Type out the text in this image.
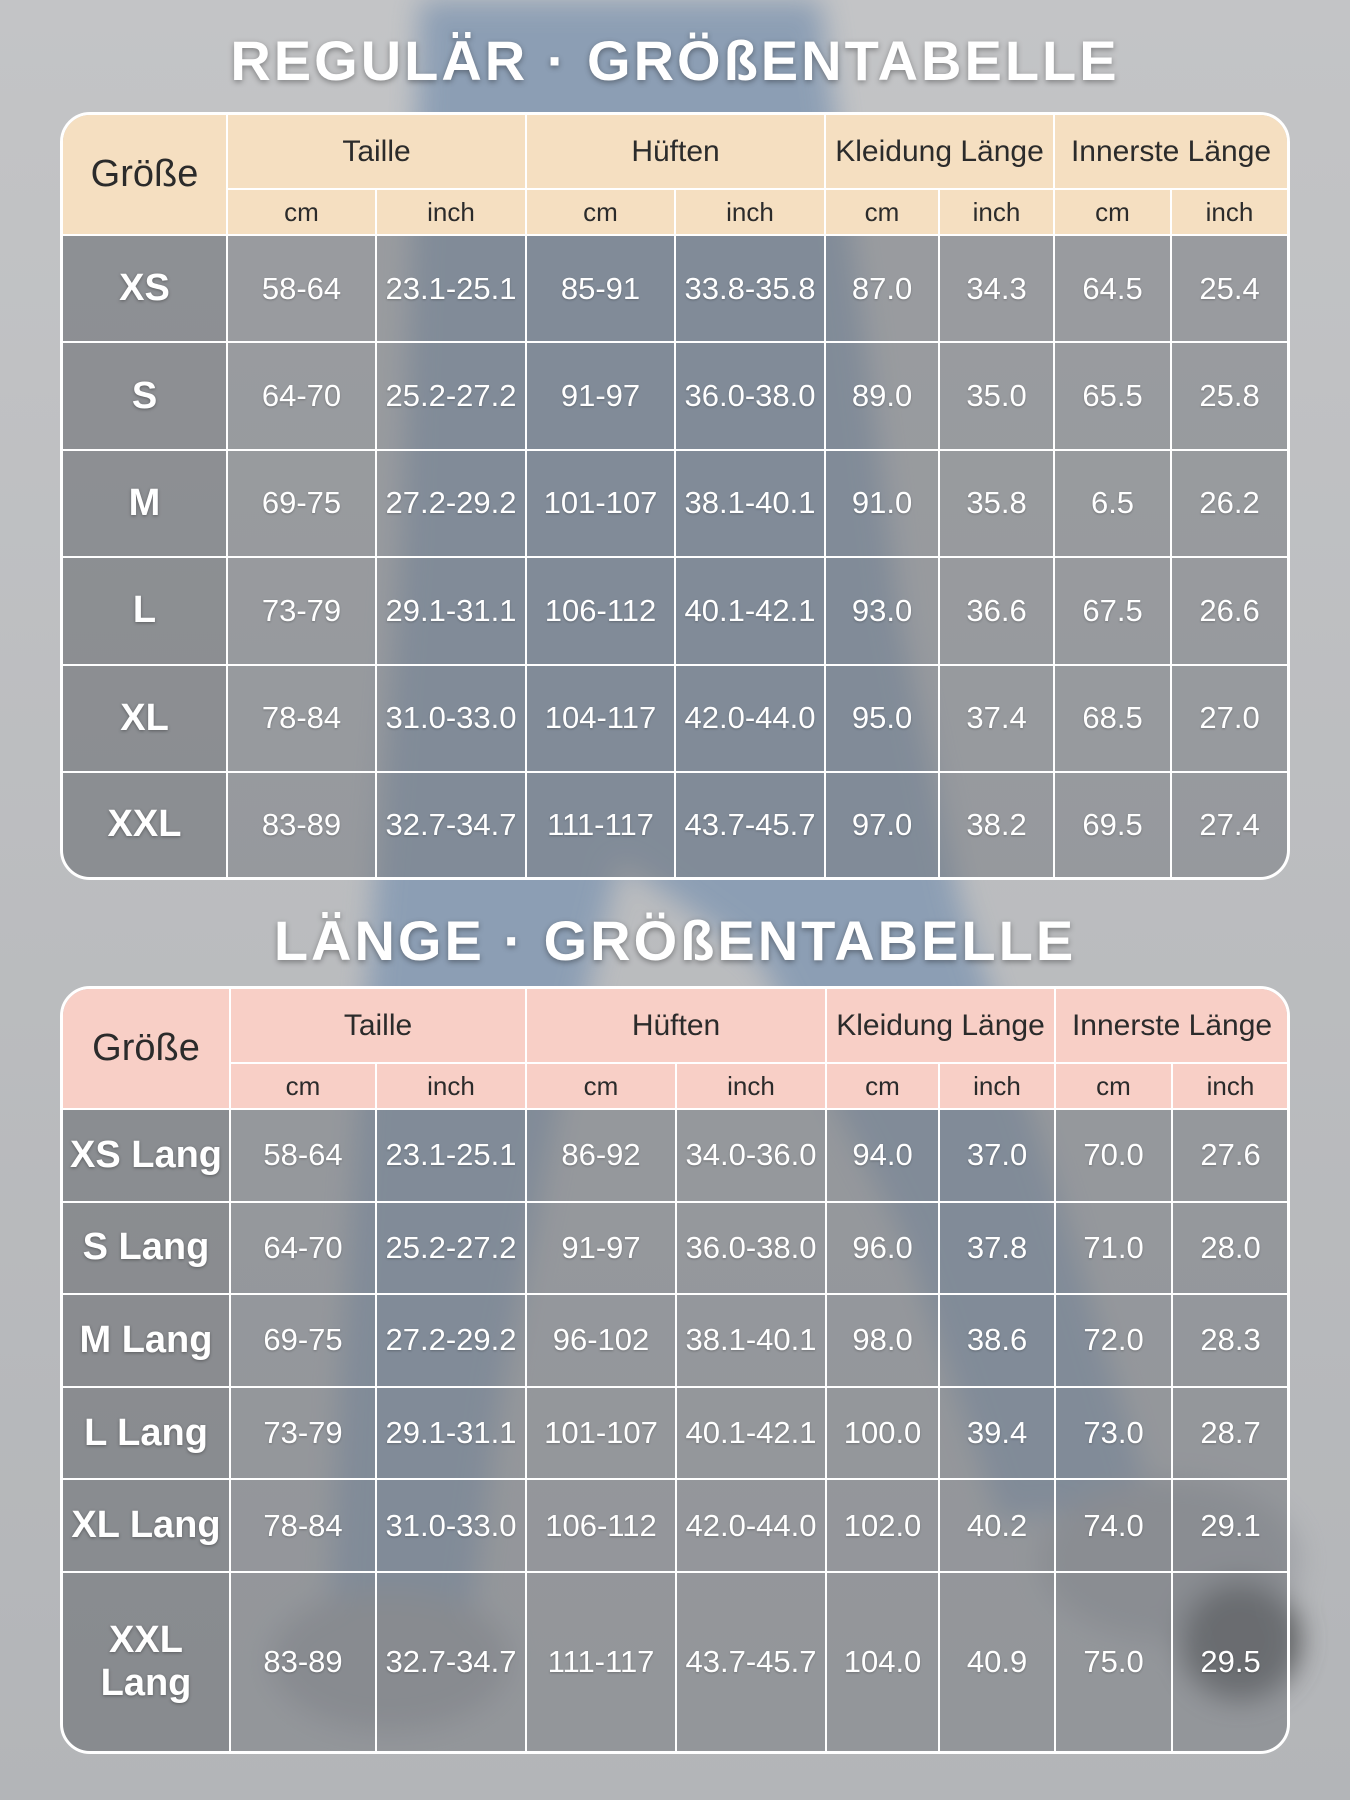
REGULÄR · GRÖßENTABELLE
Größe	Taille		Hüften		Kleidung Länge		Innerste Länge	
	cm	inch	cm	inch	cm	inch	cm	inch
XS	58-64	23.1-25.1	85-91	33.8-35.8	87.0	34.3	64.5	25.4
S	64-70	25.2-27.2	91-97	36.0-38.0	89.0	35.0	65.5	25.8
M	69-75	27.2-29.2	101-107	38.1-40.1	91.0	35.8	6.5	26.2
L	73-79	29.1-31.1	106-112	40.1-42.1	93.0	36.6	67.5	26.6
XL	78-84	31.0-33.0	104-117	42.0-44.0	95.0	37.4	68.5	27.0
XXL	83-89	32.7-34.7	111-117	43.7-45.7	97.0	38.2	69.5	27.4
LÄNGE · GRÖßENTABELLE
Größe	Taille		Hüften		Kleidung Länge		Innerste Länge	
	cm	inch	cm	inch	cm	inch	cm	inch
XS Lang	58-64	23.1-25.1	86-92	34.0-36.0	94.0	37.0	70.0	27.6
S Lang	64-70	25.2-27.2	91-97	36.0-38.0	96.0	37.8	71.0	28.0
M Lang	69-75	27.2-29.2	96-102	38.1-40.1	98.0	38.6	72.0	28.3
L Lang	73-79	29.1-31.1	101-107	40.1-42.1	100.0	39.4	73.0	28.7
XL Lang	78-84	31.0-33.0	106-112	42.0-44.0	102.0	40.2	74.0	29.1
XXL Lang	83-89	32.7-34.7	111-117	43.7-45.7	104.0	40.9	75.0	29.5
